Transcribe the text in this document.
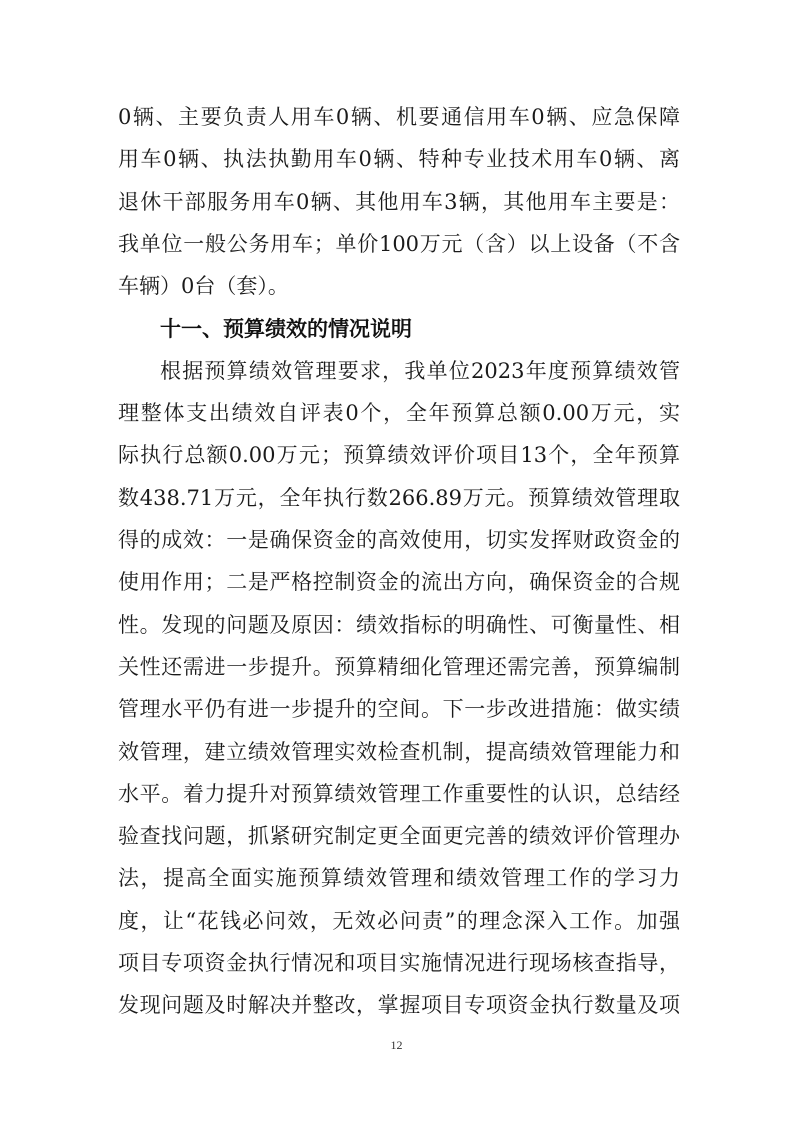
0辆、主要负责人用车0辆、机要通信用车0辆、应急保障
用车0辆、执法执勤用车0辆、特种专业技术用车0辆、离
退休干部服务用车0辆、其他用车3辆，其他用车主要是：
我单位一般公务用车；单价100万元（含）以上设备（不含
车辆）0台（套）。
十一、预算绩效的情况说明
根据预算绩效管理要求，我单位2023年度预算绩效管
理整体支出绩效自评表0个，全年预算总额0.00万元，实
际执行总额0.00万元；预算绩效评价项目13个，全年预算
数438.71万元，全年执行数266.89万元。预算绩效管理取
得的成效：一是确保资金的高效使用，切实发挥财政资金的
使用作用；二是严格控制资金的流出方向，确保资金的合规
性。发现的问题及原因：绩效指标的明确性、可衡量性、相
关性还需进一步提升。预算精细化管理还需完善，预算编制
管理水平仍有进一步提升的空间。下一步改进措施：做实绩
效管理，建立绩效管理实效检查机制，提高绩效管理能力和
水平。着力提升对预算绩效管理工作重要性的认识，总结经
验查找问题，抓紧研究制定更全面更完善的绩效评价管理办
法，提高全面实施预算绩效管理和绩效管理工作的学习力
度，让“花钱必问效，无效必问责”的理念深入工作。加强
项目专项资金执行情况和项目实施情况进行现场核查指导，
发现问题及时解决并整改，掌握项目专项资金执行数量及项
12
